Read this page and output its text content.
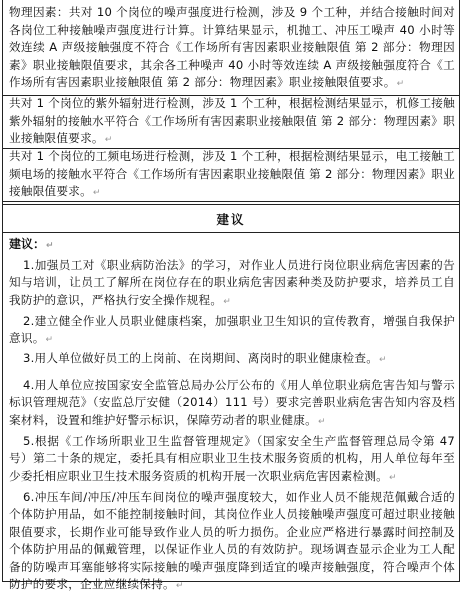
物理因素：共对 10 个岗位的噪声强度进行检测，涉及 9 个工种，并结合接触时间对各岗位工种接触噪声强度进行计算。计算结果显示，机抛工、冲压工噪声 40 小时等效连续 A 声级接触强度不符合《工作场所有害因素职业接触限值 第 2 部分：物理因素》职业接触限值要求，其余各工种噪声 40 小时等效连续 A 声级接触强度符合《工作场所有害因素职业接触限值 第 2 部分：物理因素》职业接触限值要求。↵
共对 1 个岗位的紫外辐射进行检测，涉及 1 个工种，根据检测结果显示，机修工接触紫外辐射的接触水平符合《工作场所有害因素职业接触限值 第 2 部分：物理因素》职业接触限值要求。↵
共对 1 个岗位的工频电场进行检测，涉及 1 个工种，根据检测结果显示，电工接触工频电场的接触水平符合《工作场所有害因素职业接触限值 第 2 部分：物理因素》职业接触限值要求。↵
建议
建议：↵
1.加强员工对《职业病防治法》的学习，对作业人员进行岗位职业病危害因素的告知与培训，让员工了解所在岗位存在的职业病危害因素种类及防护要求，培养员工自我防护的意识，严格执行安全操作规程。↵
2.建立健全作业人员职业健康档案，加强职业卫生知识的宣传教育，增强自我保护意识。↵
3.用人单位做好员工的上岗前、在岗期间、离岗时的职业健康检查。↵
4.用人单位应按国家安全监管总局办公厅公布的《用人单位职业病危害告知与警示标识管理规范》（安监总厅安健（2014）111 号）要求完善职业病危害告知内容及档案材料，设置和维护好警示标识，保障劳动者的职业健康。↵
5.根据《工作场所职业卫生监督管理规定》（国家安全生产监督管理总局令第 47 号）第二十条的规定，委托具有相应职业卫生技术服务资质的机构，用人单位每年至少委托相应职业卫生技术服务资质的机构开展一次职业病危害因素检测。↵
6.冲压车间/冲压/冲压车间岗位的噪声强度较大，如作业人员不能规范佩戴合适的个体防护用品，如不能控制接触时间，其岗位作业人员接触噪声强度可超过职业接触限值要求，长期作业可能导致作业人员的听力损伤。企业应严格进行暴露时间控制及个体防护用品的佩戴管理，以保证作业人员的有效防护。现场调查显示企业为工人配备的防噪声耳塞能够将实际接触的噪声强度降到适宜的噪声接触强度，符合噪声个体防护的要求，企业应继续保持。↵
